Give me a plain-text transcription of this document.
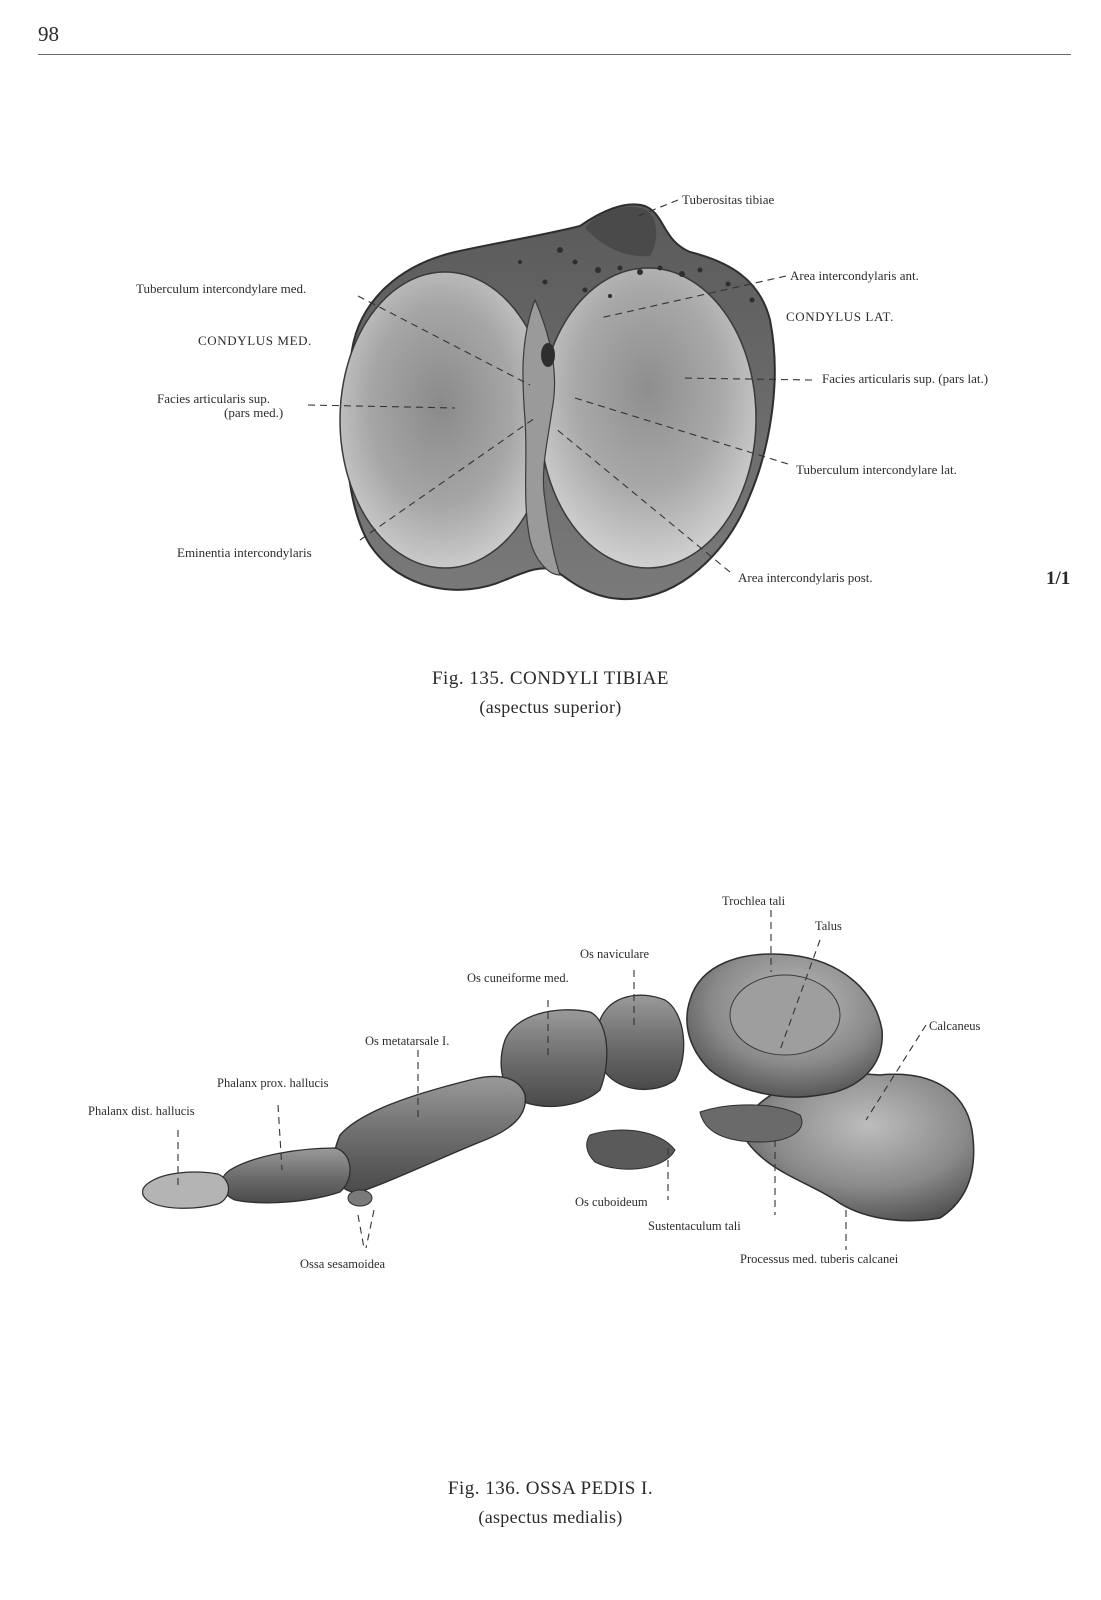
98
Tuberositas tibiae
Area intercondylaris ant.
CONDYLUS LAT.
Facies articularis sup. (pars lat.)
Tuberculum intercondylare lat.
Area intercondylaris post.
Tuberculum intercondylare med.
CONDYLUS MED.
Facies articularis sup.
(pars med.)
Eminentia intercondylaris
1/1
Fig. 135. CONDYLI TIBIAE
(aspectus superior)
Trochlea tali
Talus
Os naviculare
Os cuneiforme med.
Calcaneus
Os metatarsale I.
Phalanx prox. hallucis
Phalanx dist. hallucis
Os cuboideum
Sustentaculum tali
Processus med. tuberis calcanei
Ossa sesamoidea
Fig. 136. OSSA PEDIS I.
(aspectus medialis)
